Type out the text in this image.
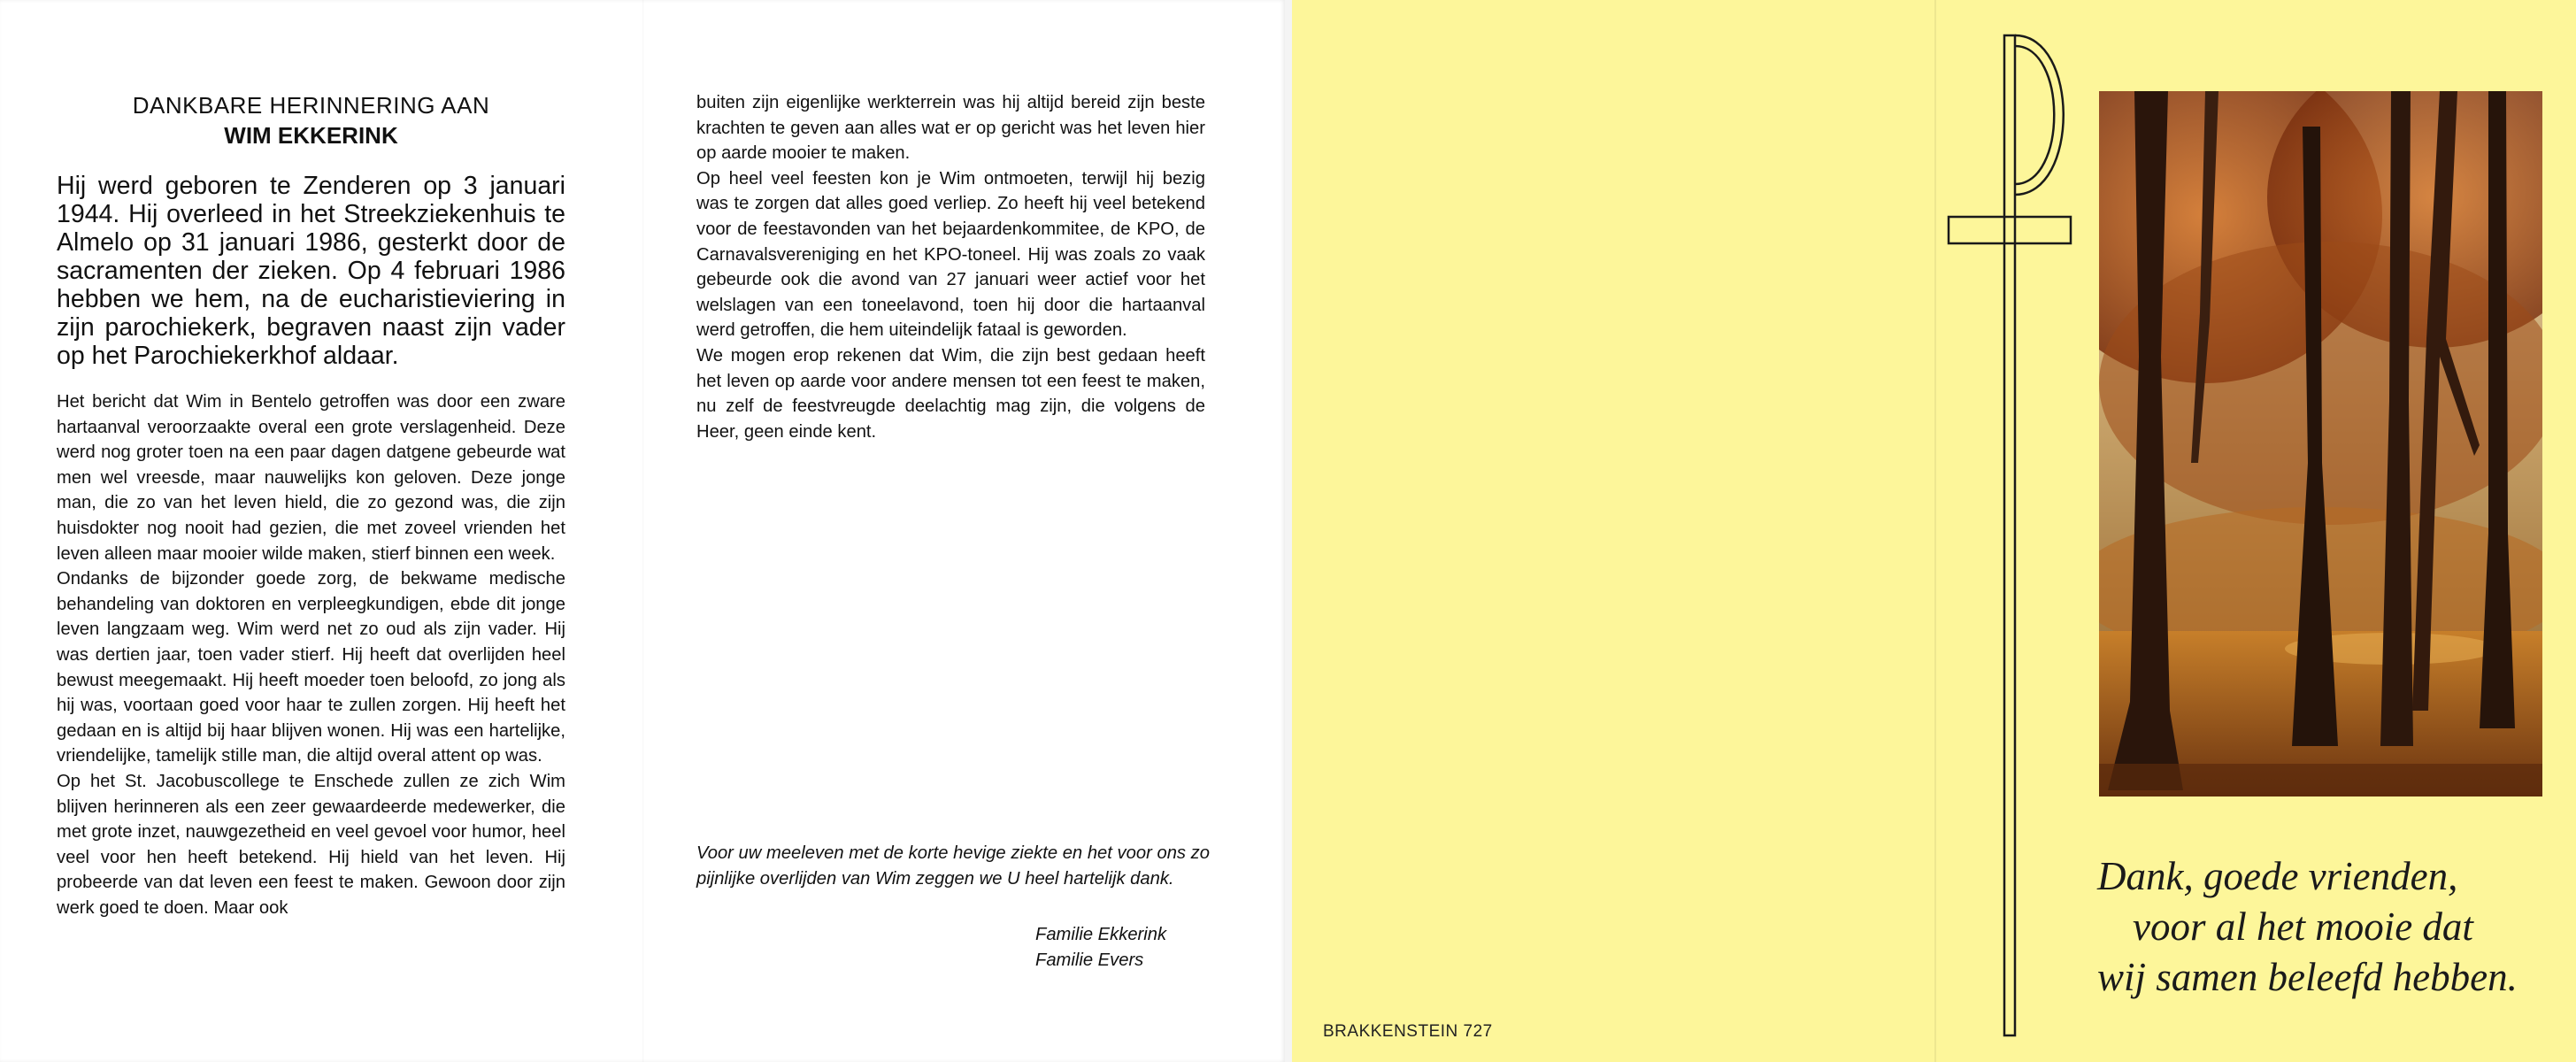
DANKBARE HERINNERING AAN
WIM EKKERINK

Hij werd geboren te Zenderen op 3 januari 1944. Hij overleed in het Streekziekenhuis te Almelo op 31 januari 1986, gesterkt door de sacramenten der zieken. Op 4 februari 1986 hebben we hem, na de eucharistieviering in zijn parochiekerk, begraven naast zijn vader op het Parochiekerkhof aldaar.

Het bericht dat Wim in Bentelo getroffen was door een zware hartaanval veroorzaakte overal een grote verslagenheid. Deze werd nog groter toen na een paar dagen datgene gebeurde wat men wel vreesde, maar nauwelijks kon geloven. Deze jonge man, die zo van het leven hield, die zo gezond was, die zijn huisdokter nog nooit had gezien, die met zoveel vrienden het leven alleen maar mooier wilde maken, stierf binnen een week.

Ondanks de bijzonder goede zorg, de bekwame medische behandeling van doktoren en verpleegkundigen, ebde dit jonge leven langzaam weg. Wim werd net zo oud als zijn vader. Hij was dertien jaar, toen vader stierf. Hij heeft dat overlijden heel bewust meegemaakt. Hij heeft moeder toen beloofd, zo jong als hij was, voortaan goed voor haar te zullen zorgen. Hij heeft het gedaan en is altijd bij haar blijven wonen. Hij was een hartelijke, vriendelijke, tamelijk stille man, die altijd overal attent op was.

Op het St. Jacobuscollege te Enschede zullen ze zich Wim blijven herinneren als een zeer gewaardeerde medewerker, die met grote inzet, nauwgezetheid en veel gevoel voor humor, heel veel voor hen heeft betekend. Hij hield van het leven. Hij probeerde van dat leven een feest te maken. Gewoon door zijn werk goed te doen. Maar ook

buiten zijn eigenlijke werkterrein was hij altijd bereid zijn beste krachten te geven aan alles wat er op gericht was het leven hier op aarde mooier te maken.

Op heel veel feesten kon je Wim ontmoeten, terwijl hij bezig was te zorgen dat alles goed verliep. Zo heeft hij veel betekend voor de feestavonden van het bejaardenkommitee, de KPO, de Carnavalsvereniging en het KPO-toneel. Hij was zoals zo vaak gebeurde ook die avond van 27 januari weer actief voor het welslagen van een toneelavond, toen hij door die hartaanval werd getroffen, die hem uiteindelijk fataal is geworden.

We mogen erop rekenen dat Wim, die zijn best gedaan heeft het leven op aarde voor andere mensen tot een feest te maken, nu zelf de feestvreugde deelachtig mag zijn, die volgens de Heer, geen einde kent.

Voor uw meeleven met de korte hevige ziekte en het voor ons zo pijnlijke overlijden van Wim zeggen we U heel hartelijk dank.
Familie Ekkerink
Familie Evers
BRAKKENSTEIN 727
Dank, goede vrienden,
voor al het mooie dat
wij samen beleefd hebben.
